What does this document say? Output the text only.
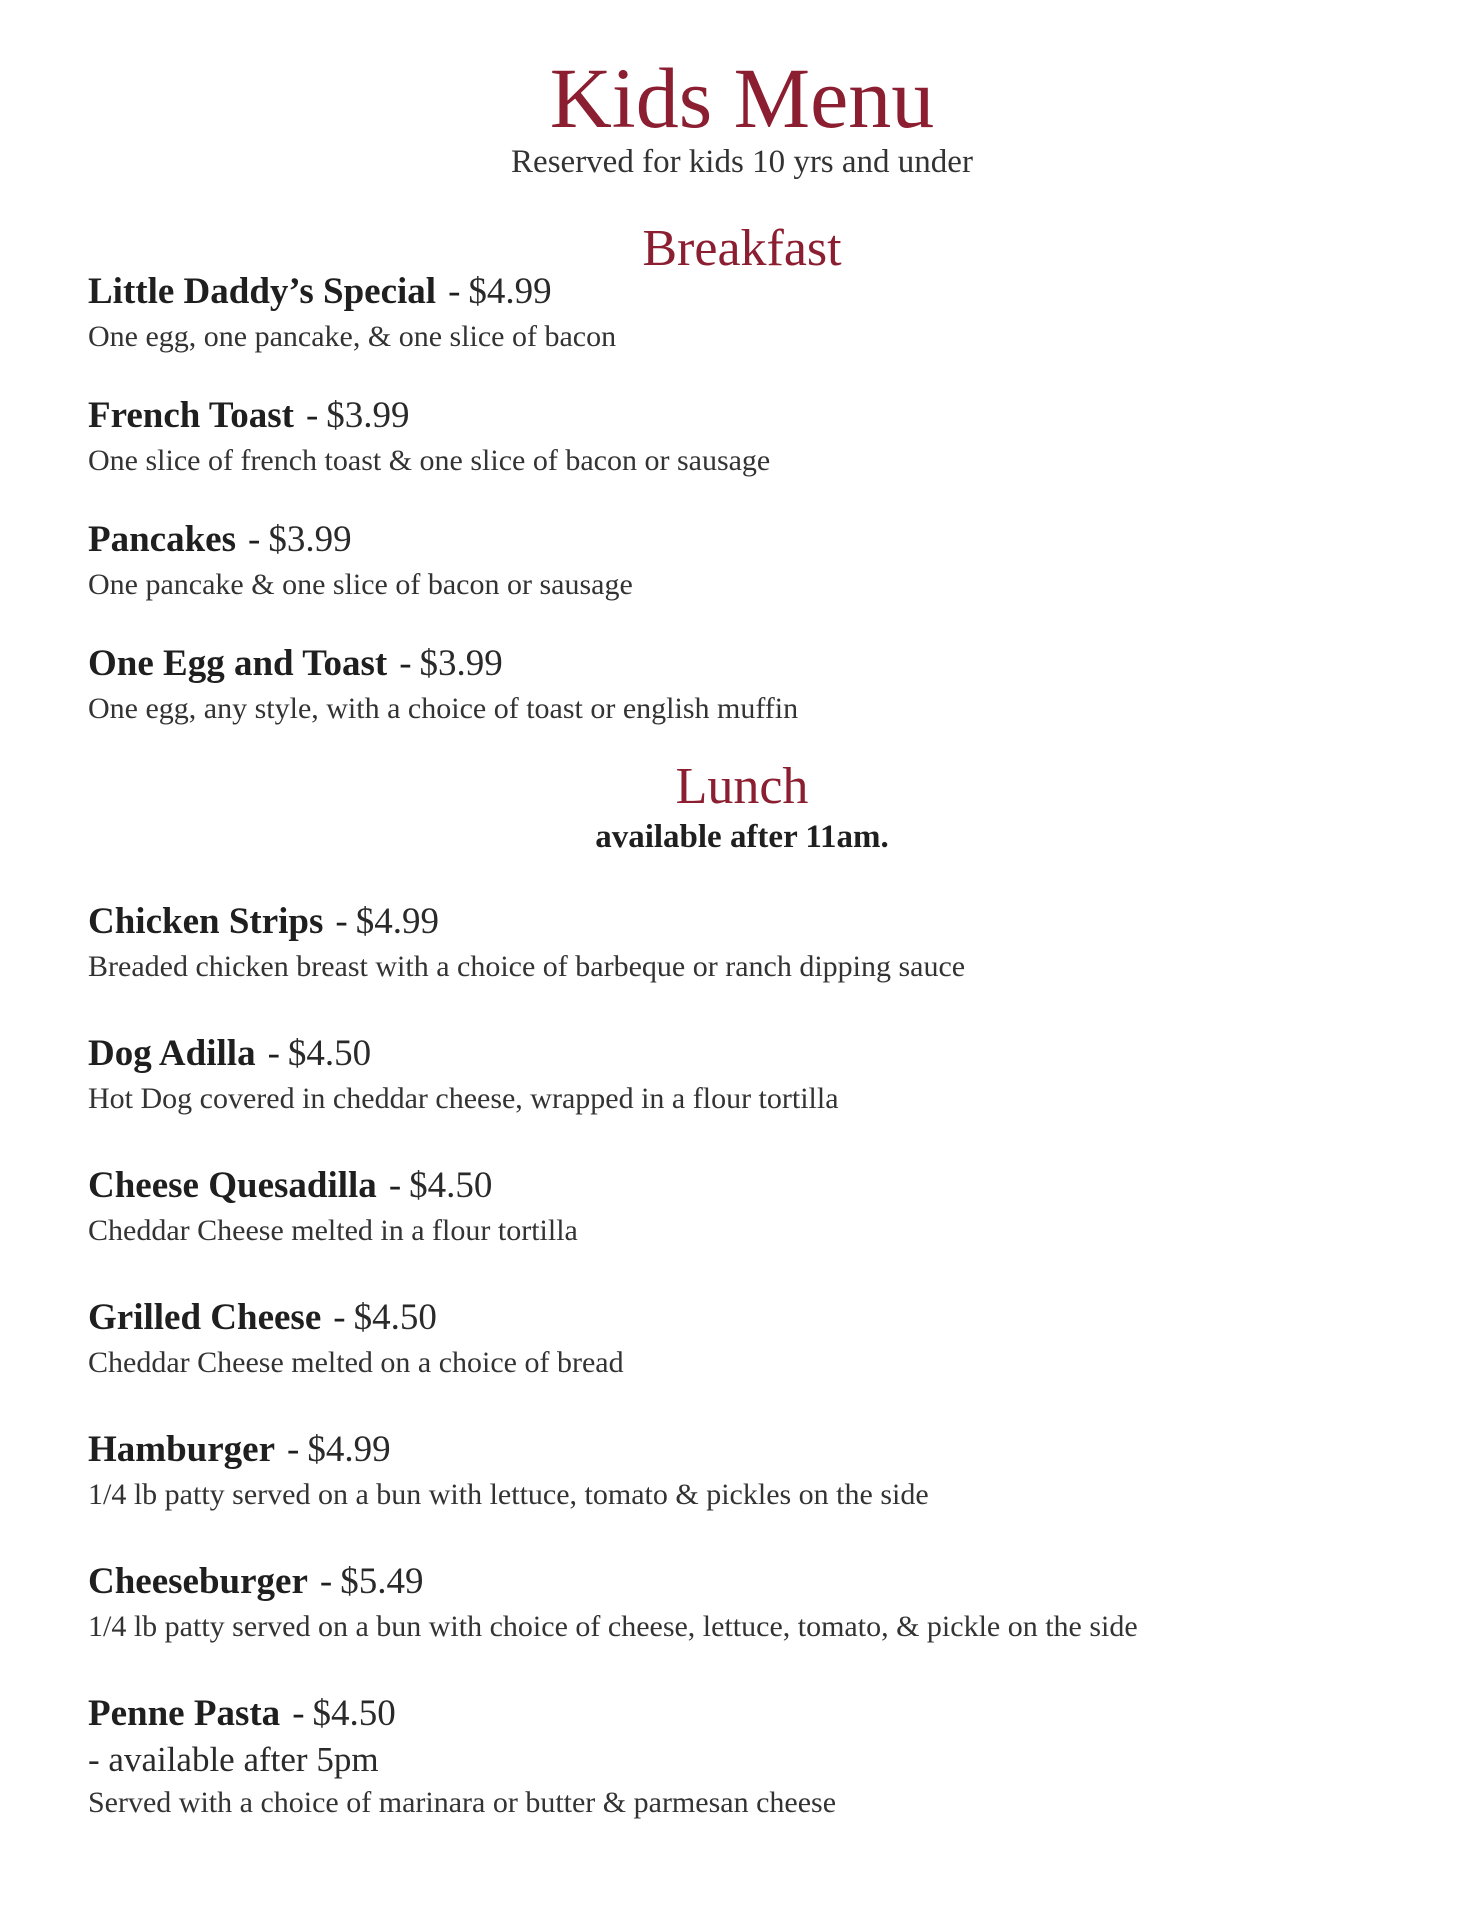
Kids Menu
Reserved for kids 10 yrs and under
Breakfast
Little Daddy’s Special - $4.99
One egg, one pancake, & one slice of bacon
French Toast - $3.99
One slice of french toast & one slice of bacon or sausage
Pancakes - $3.99
One pancake & one slice of bacon or sausage
One Egg and Toast - $3.99
One egg, any style, with a choice of toast or english muffin
Lunch
available after 11am.
Chicken Strips - $4.99
Breaded chicken breast with a choice of barbeque or ranch dipping sauce
Dog Adilla - $4.50
Hot Dog covered in cheddar cheese, wrapped in a flour tortilla
Cheese Quesadilla - $4.50
Cheddar Cheese melted in a flour tortilla
Grilled Cheese - $4.50
Cheddar Cheese melted on a choice of bread
Hamburger - $4.99
1/4 lb patty served on a bun with lettuce, tomato & pickles on the side
Cheeseburger - $5.49
1/4 lb patty served on a bun with choice of cheese, lettuce, tomato, & pickle on the side
Penne Pasta - $4.50
- available after 5pm
Served with a choice of marinara or butter & parmesan cheese
